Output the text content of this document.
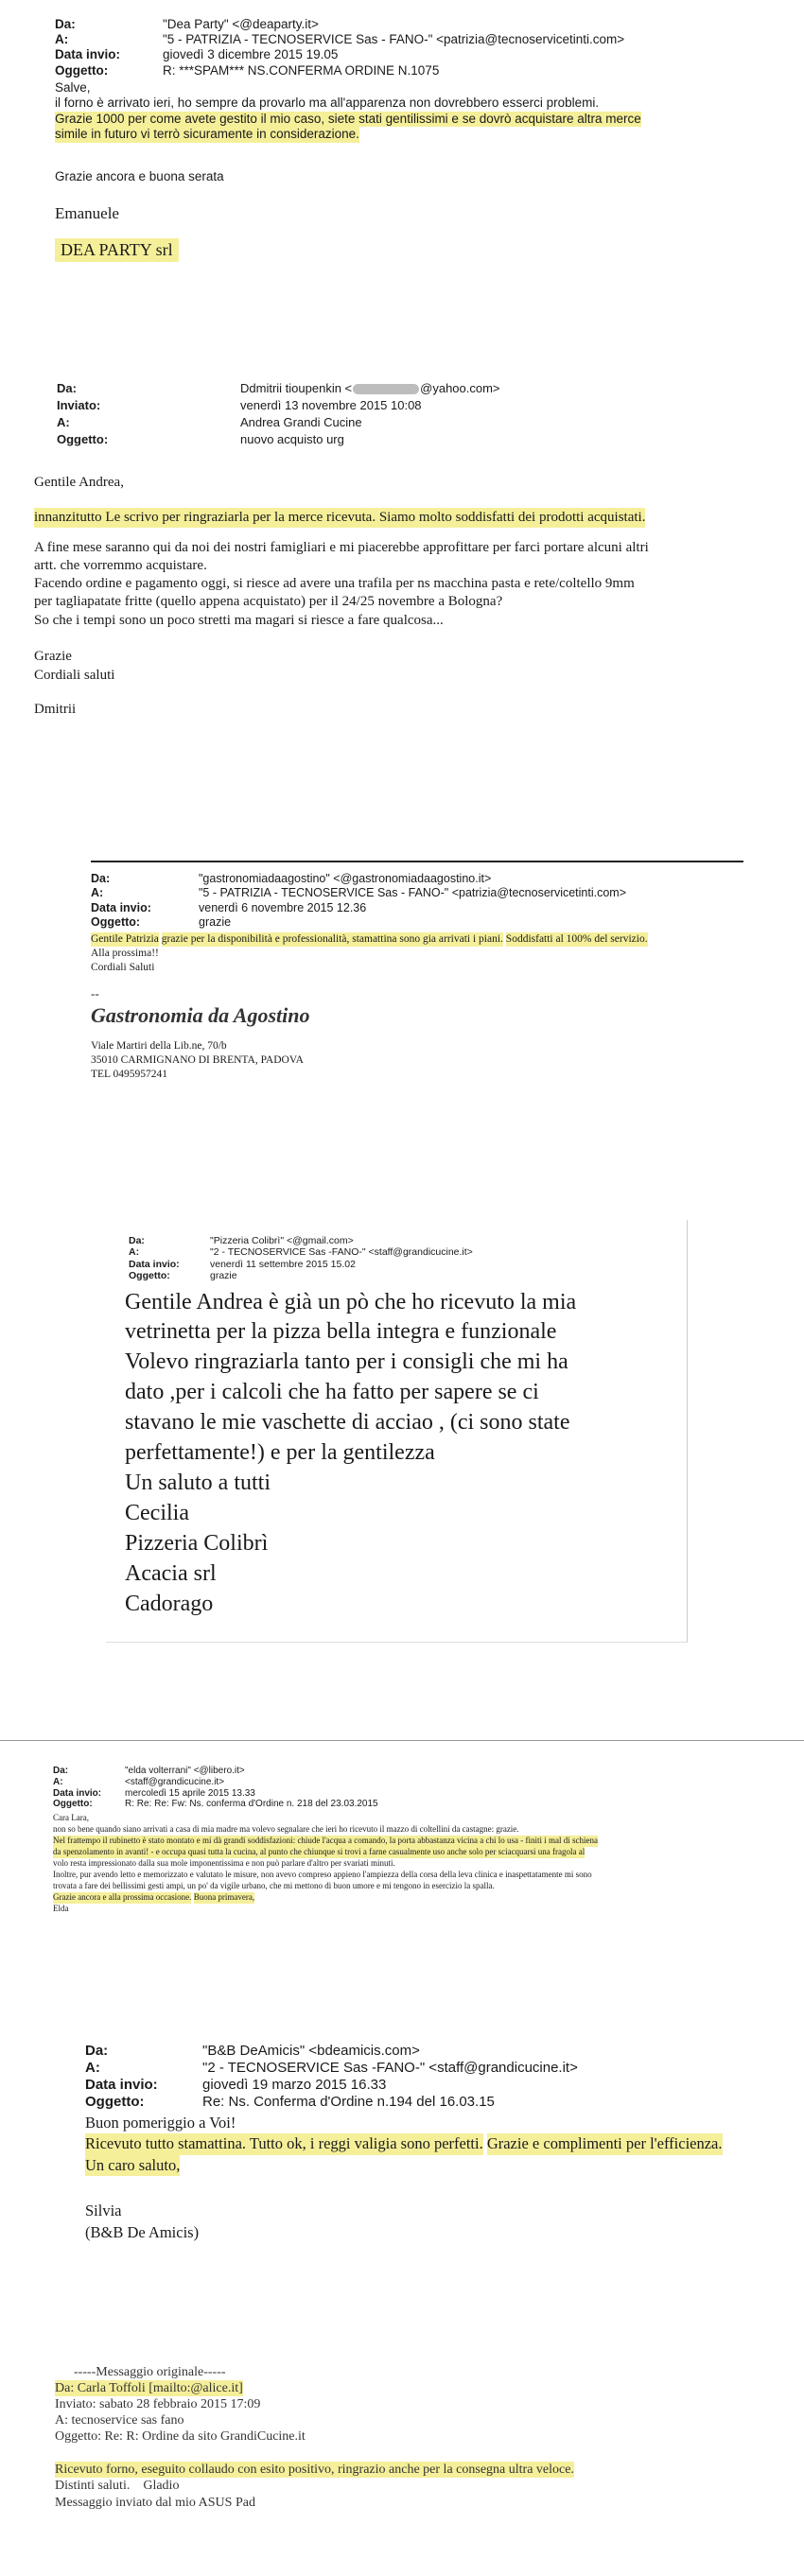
Da:	"Dea Party" <@deaparty.it>
A:	"5 - PATRIZIA - TECNOSERVICE Sas - FANO-" <patrizia@tecnoservicetinti.com>
Data invio:	giovedì 3 dicembre 2015 19.05
Oggetto:	R: ***SPAM*** NS.CONFERMA ORDINE N.1075
Salve,
il forno è arrivato ieri, ho sempre da provarlo ma all'apparenza non dovrebbero esserci problemi.
Grazie 1000 per come avete gestito il mio caso, siete stati gentilissimi e se dovrò acquistare altra merce simile in futuro vi terrò sicuramente in considerazione.
Grazie ancora e buona serata
Emanuele
DEA PARTY srl
Da:	Ddmitrii tioupenkin <	@yahoo.com>
Inviato:	venerdì 13 novembre 2015 10:08
A:	Andrea Grandi Cucine
Oggetto:	nuovo acquisto urg

Gentile Andrea,

innanzitutto Le scrivo per ringraziarla per la merce ricevuta. Siamo molto soddisfatti dei prodotti acquistati.

A fine mese saranno qui da noi dei nostri famigliari e mi piacerebbe approfittare per farci portare alcuni altri
artt. che vorremmo acquistare.
Facendo ordine e pagamento oggi, si riesce ad avere una trafila per ns macchina pasta e rete/coltello 9mm
per tagliapatate fritte (quello appena acquistato) per il 24/25 novembre a Bologna?
So che i tempi sono un poco stretti ma magari si riesce a fare qualcosa...
Grazie
Cordiali saluti

Dmitrii

Da:	"gastronomiadaagostino" <@gastronomiadaagostino.it>
A:	"5 - PATRIZIA - TECNOSERVICE Sas - FANO-" <patrizia@tecnoservicetinti.com>
Data invio:	venerdì 6 novembre 2015 12.36
Oggetto:	grazie
Gentile Patrizia grazie per la disponibilità e professionalità, stamattina sono gia arrivati i piani. Soddisfatti al 100% del servizio.
Alla prossima!!
Cordiali Saluti
--
Gastronomia da Agostino
Viale Martiri della Lib.ne, 70/b
35010 CARMIGNANO DI BRENTA, PADOVA
TEL 0495957241
Da:	"Pizzeria Colibrì" <@gmail.com>
A:	"2 - TECNOSERVICE Sas -FANO-" <staff@grandicucine.it>
Data invio:	venerdì 11 settembre 2015 15.02
Oggetto:	grazie
Gentile Andrea è già un pò che ho ricevuto la mia
vetrinetta per la pizza bella integra e funzionale
Volevo ringraziarla tanto per i consigli che mi ha
dato ,per i calcoli che ha fatto per sapere se ci
stavano le mie vaschette di acciao , (ci sono state
perfettamente!) e per la gentilezza
Un saluto a tutti
Cecilia
Pizzeria Colibrì
Acacia srl
Cadorago
Da:	"elda volterrani" <@libero.it>
A:	<staff@grandicucine.it>
Data invio:	mercoledì 15 aprile 2015 13.33
Oggetto:	R: Re: Re: Fw: Ns. conferma d'Ordine n. 218 del 23.03.2015
Cara Lara,
non so bene quando siano arrivati a casa di mia madre ma volevo segnalare che ieri ho ricevuto il mazzo di coltellini da castagne: grazie.
Nel frattempo il rubinetto è stato montato e mi dà grandi soddisfazioni: chiude l'acqua a comando, la porta abbastanza vicina a chi lo usa - finiti i mal di schiena da spenzolamento in avanti! - e occupa quasi tutta la cucina, al punto che chiunque si trovi a farne casualmente uso anche solo per sciacquarsi una fragola al
volo resta impressionato dalla sua mole imponentissima e non può parlare d'altro per svariati minuti.
Inoltre, pur avendo letto e memorizzato e valutato le misure, non avevo compreso appieno l'ampiezza della corsa della leva clinica e inaspettatamente mi sono
trovata a fare dei bellissimi gesti ampi, un po' da vigile urbano, che mi mettono di buon umore e mi tengono in esercizio la spalla.
Grazie ancora e alla prossima occasione. Buona primavera,
Elda
Da:	"B&B DeAmicis" <bdeamicis.com>
A:	"2 - TECNOSERVICE Sas -FANO-" <staff@grandicucine.it>
Data invio:	giovedì 19 marzo 2015 16.33
Oggetto:	Re: Ns. Conferma d'Ordine n.194 del 16.03.15
Buon pomeriggio a Voi!
Ricevuto tutto stamattina. Tutto ok, i reggi valigia sono perfetti. Grazie e complimenti per l'efficienza. Un caro saluto,
Silvia
(B&B De Amicis)
-----Messaggio originale-----
Da: Carla Toffoli [mailto:@alice.it]
Inviato: sabato 28 febbraio 2015 17:09
A: tecnoservice sas fano
Oggetto: Re: R: Ordine da sito GrandiCucine.it
Ricevuto forno, eseguito collaudo con esito positivo, ringrazio anche per la consegna ultra veloce.
Distinti saluti.    Gladio
Messaggio inviato dal mio ASUS Pad
